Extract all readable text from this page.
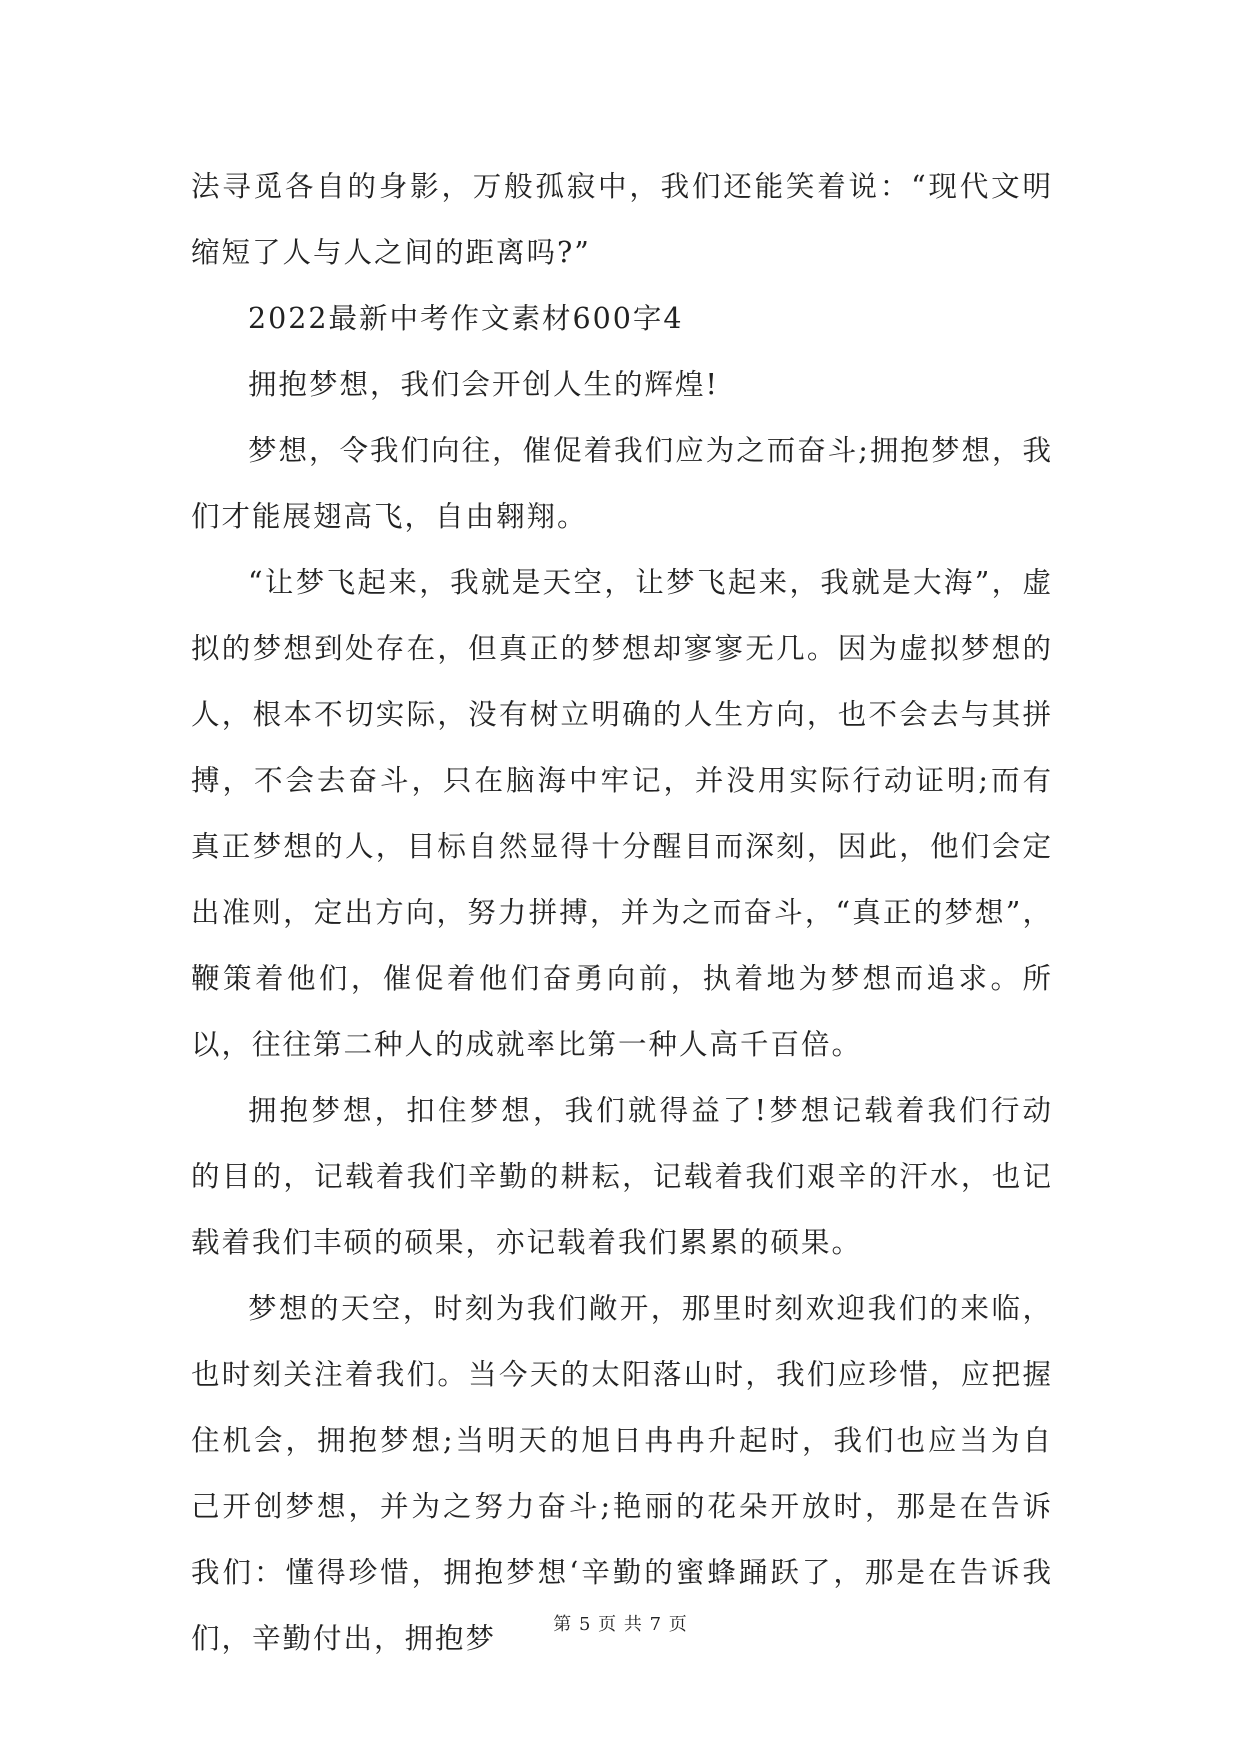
法寻觅各自的身影，万般孤寂中，我们还能笑着说：“现代文明缩短了人与人之间的距离吗?”

2022最新中考作文素材600字4

拥抱梦想，我们会开创人生的辉煌!

梦想，令我们向往，催促着我们应为之而奋斗;拥抱梦想，我们才能展翅高飞，自由翱翔。

“让梦飞起来，我就是天空，让梦飞起来，我就是大海”，虚拟的梦想到处存在，但真正的梦想却寥寥无几。因为虚拟梦想的人，根本不切实际，没有树立明确的人生方向，也不会去与其拼搏，不会去奋斗，只在脑海中牢记，并没用实际行动证明;而有真正梦想的人，目标自然显得十分醒目而深刻，因此，他们会定出准则，定出方向，努力拼搏，并为之而奋斗，“真正的梦想”，鞭策着他们，催促着他们奋勇向前，执着地为梦想而追求。所以，往往第二种人的成就率比第一种人高千百倍。

拥抱梦想，扣住梦想，我们就得益了!梦想记载着我们行动的目的，记载着我们辛勤的耕耘，记载着我们艰辛的汗水，也记载着我们丰硕的硕果，亦记载着我们累累的硕果。

梦想的天空，时刻为我们敞开，那里时刻欢迎我们的来临，也时刻关注着我们。当今天的太阳落山时，我们应珍惜，应把握住机会，拥抱梦想;当明天的旭日冉冉升起时，我们也应当为自己开创梦想，并为之努力奋斗;艳丽的花朵开放时，那是在告诉我们：懂得珍惜，拥抱梦想‘辛勤的蜜蜂踊跃了，那是在告诉我们，辛勤付出，拥抱梦	第 5 页 共 7 页
